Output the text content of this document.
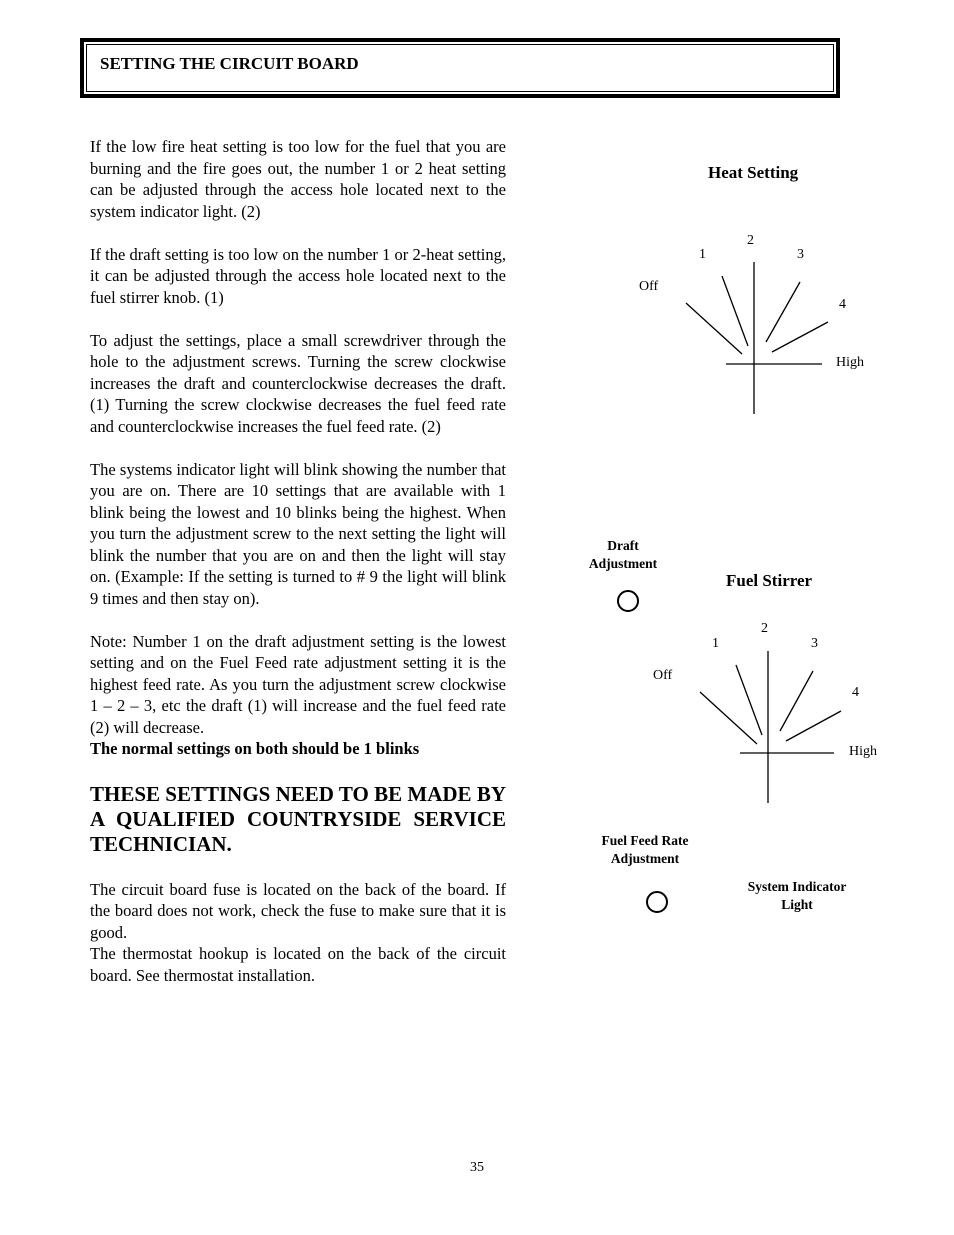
SETTING THE CIRCUIT BOARD

If the low fire heat setting is too low for the fuel that you are burning and the fire goes out, the number 1 or 2 heat setting can be adjusted through the access hole located next to the system indicator light. (2)

If the draft setting is too low on the number 1 or 2-heat setting, it can be adjusted through the access hole located next to the fuel stirrer knob. (1)

To adjust the settings, place a small screwdriver through the hole to the adjustment screws. Turning the screw clockwise increases the draft and counterclockwise decreases the draft. (1) Turning the screw clockwise decreases the fuel feed rate and counterclockwise increases the fuel feed rate. (2)

The systems indicator light will blink showing the number that you are on. There are 10 settings that are available with 1 blink being the lowest and 10 blinks being the highest. When you turn the adjustment screw to the next setting the light will blink the number that you are on and then the light will stay on. (Example: If the setting is turned to # 9 the light will blink 9 times and then stay on).

Note: Number 1 on the draft adjustment setting is the lowest setting and on the Fuel Feed rate adjustment setting it is the highest feed rate. As you turn the adjustment screw clockwise 1 – 2 – 3, etc the draft (1) will increase and the fuel feed rate (2) will decrease.

The normal settings on both should be 1 blinks

THESE SETTINGS NEED TO BE MADE BY A QUALIFIED COUNTRYSIDE SERVICE TECHNICIAN.

The circuit board fuse is located on the back of the board. If the board does not work, check the fuse to make sure that it is good.

The thermostat hookup is located on the back of the circuit board. See thermostat installation.

Heat Setting
2
1	3
Off
4
High
Draft
Adjustment
Fuel Stirrer
2
1	3
Off
4
High
Fuel Feed Rate
Adjustment
System Indicator
Light
35
